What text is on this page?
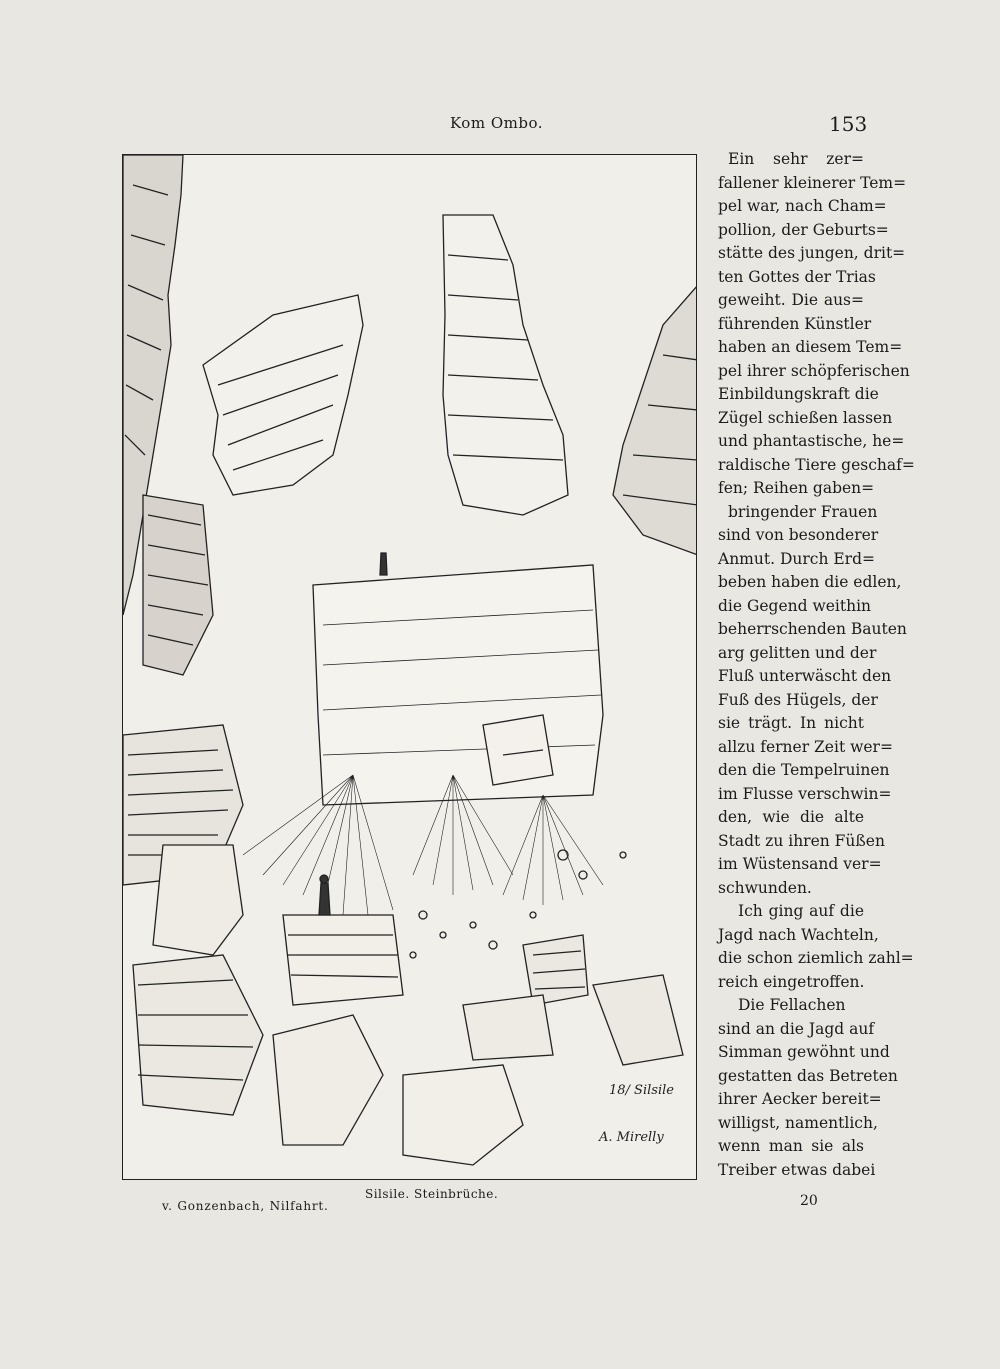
Kom Ombo.	153
18/ Silsile
A. Mirelly
Silsile. Steinbrüche.
v. Gonzenbach, Nilfahrt.	20
Ein sehr zer=
fallener kleinerer Tem=
pel war, nach Cham=
pollion, der Geburts=
stätte des jungen, drit=
ten Gottes der Trias
geweiht. Die aus=
führenden Künstler
haben an diesem Tem=
pel ihrer schöpferischen
Einbildungskraft die
Zügel schießen lassen
und phantastische, he=
raldische Tiere geschaf=
fen; Reihen gaben=
bringender Frauen
sind von besonderer
Anmut. Durch Erd=
beben haben die edlen,
die Gegend weithin
beherrschenden Bauten
arg gelitten und der
Fluß unterwäscht den
Fuß des Hügels, der
sie trägt. In nicht
allzu ferner Zeit wer=
den die Tempelruinen
im Flusse verschwin=
den, wie die alte
Stadt zu ihren Füßen
im Wüstensand ver=
schwunden.
Ich ging auf die
Jagd nach Wachteln,
die schon ziemlich zahl=
reich eingetroffen.
Die Fellachen
sind an die Jagd auf
Simman gewöhnt und
gestatten das Betreten
ihrer Aecker bereit=
willigst, namentlich,
wenn man sie als
Treiber etwas dabei
